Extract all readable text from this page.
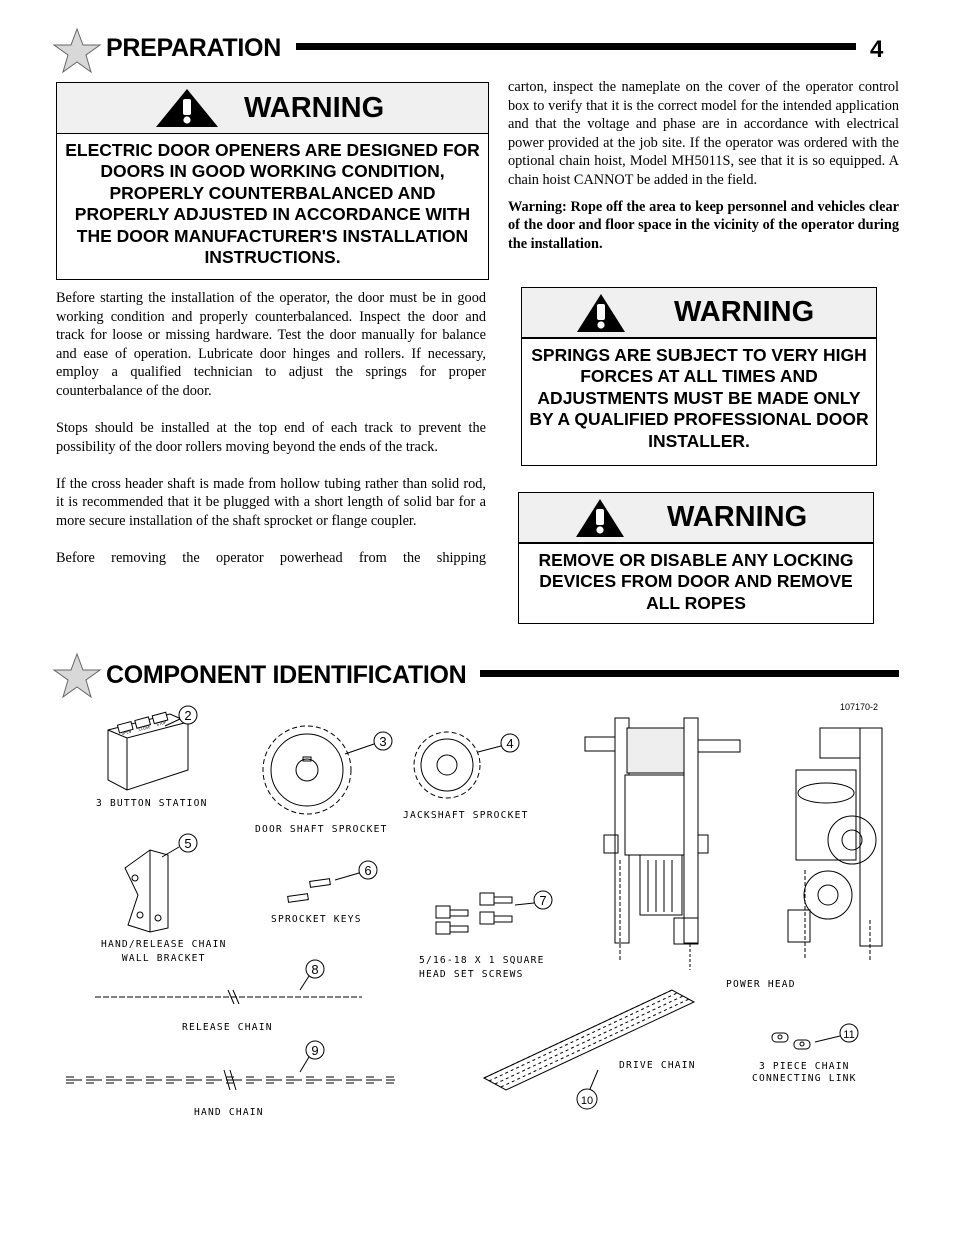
PREPARATION	4
WARNING
ELECTRIC DOOR OPENERS ARE DESIGNED FOR DOORS IN GOOD WORKING CONDITION, PROPERLY COUNTERBALANCED AND PROPERLY ADJUSTED IN ACCORDANCE WITH THE DOOR MANUFACTURER'S INSTALLATION INSTRUCTIONS.

Before starting the installation of the operator, the door must be in good working condition and properly counterbalanced. Inspect the door and track for loose or missing hardware. Test the door manually for balance and ease of operation. Lubricate door hinges and rollers. If necessary, employ a qualified technician to adjust the springs for proper counterbalance of the door.

Stops should be installed at the top end of each track to prevent the possibility of the door rollers moving beyond the ends of the track.

If the cross header shaft is made from hollow tubing rather than solid rod, it is recommended that it be plugged with a short length of solid bar for a more secure installation of the shaft sprocket or flange coupler.

Before removing the operator powerhead from the shipping

carton, inspect the nameplate on the cover of the operator control box to verify that it is the correct model for the intended application and that the voltage and phase are in accordance with electrical power provided at the job site. If the operator was ordered with the optional chain hoist, Model MH5011S, see that it is so equipped. A chain hoist CANNOT be added in the field.

Warning: Rope off the area to keep personnel and vehicles clear of the door and floor space in the vicinity of the operator during the installation.

WARNING
SPRINGS ARE SUBJECT TO VERY HIGH FORCES AT ALL TIMES AND ADJUSTMENTS MUST BE MADE ONLY BY A QUALIFIED PROFESSIONAL DOOR INSTALLER.
WARNING
REMOVE OR DISABLE ANY LOCKING DEVICES FROM DOOR AND REMOVE ALL ROPES
COMPONENT IDENTIFICATION
107170-2
2
3	4
5
6
7
8
9
10
11
OPEN
CLOSE
STOP
3 BUTTON STATION
DOOR SHAFT SPROCKET
JACKSHAFT SPROCKET
HAND/RELEASE CHAIN
WALL BRACKET
SPROCKET KEYS
5/16-18 X 1 SQUARE
HEAD SET SCREWS
RELEASE CHAIN
HAND CHAIN
DRIVE CHAIN	3 PIECE CHAIN
CONNECTING LINK
POWER HEAD
